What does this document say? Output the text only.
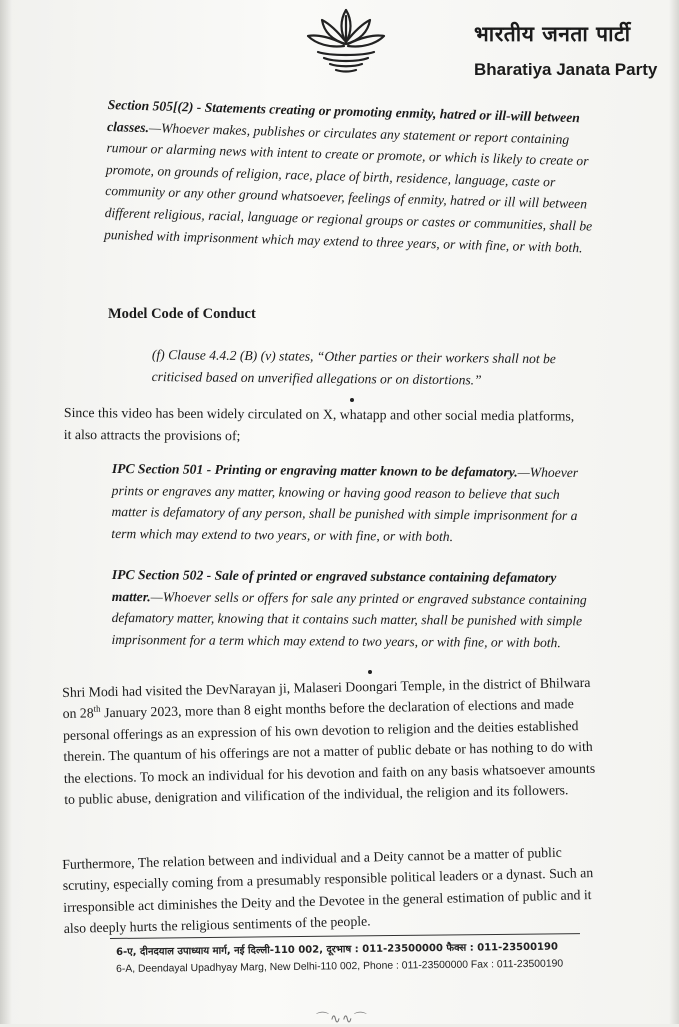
भारतीय जनता पार्टी
Bharatiya Janata Party
Section 505[(2) - Statements creating or promoting enmity, hatred or ill-will between classes.—Whoever makes, publishes or circulates any statement or report containing rumour or alarming news with intent to create or promote, or which is likely to create or promote, on grounds of religion, race, place of birth, residence, language, caste or community or any other ground whatsoever, feelings of enmity, hatred or ill will between different religious, racial, language or regional groups or castes or communities, shall be punished with imprisonment which may extend to three years, or with fine, or with both.
Model Code of Conduct
(f) Clause 4.4.2 (B) (v) states, “Other parties or their workers shall not be criticised based on unverified allegations or on distortions.”
Since this video has been widely circulated on X, whatapp and other social media platforms, it also attracts the provisions of;
IPC Section 501 - Printing or engraving matter known to be defamatory.—Whoever prints or engraves any matter, knowing or having good reason to believe that such matter is defamatory of any person, shall be punished with simple imprisonment for a term which may extend to two years, or with fine, or with both.
IPC Section 502 - Sale of printed or engraved substance containing defamatory matter.—Whoever sells or offers for sale any printed or engraved substance containing defamatory matter, knowing that it contains such matter, shall be punished with simple imprisonment for a term which may extend to two years, or with fine, or with both.
Shri Modi had visited the DevNarayan ji, Malaseri Doongari Temple, in the district of Bhilwara on 28th January 2023, more than 8 eight months before the declaration of elections and made personal offerings as an expression of his own devotion to religion and the deities established therein. The quantum of his offerings are not a matter of public debate or has nothing to do with the elections. To mock an individual for his devotion and faith on any basis whatsoever amounts to public abuse, denigration and vilification of the individual, the religion and its followers.
Furthermore, The relation between and individual and a Deity cannot be a matter of public scrutiny, especially coming from a presumably responsible political leaders or a dynast. Such an irresponsible act diminishes the Deity and the Devotee in the general estimation of public and it also deeply hurts the religious sentiments of the people.
6-ए, दीनदयाल उपाध्याय मार्ग, नई दिल्ली-110 002, दूरभाष : 011-23500000 फैक्स : 011-23500190
6-A, Deendayal Upadhyay Marg, New Delhi-110 002, Phone : 011-23500000 Fax : 011-23500190
⌒∿∿⌒
